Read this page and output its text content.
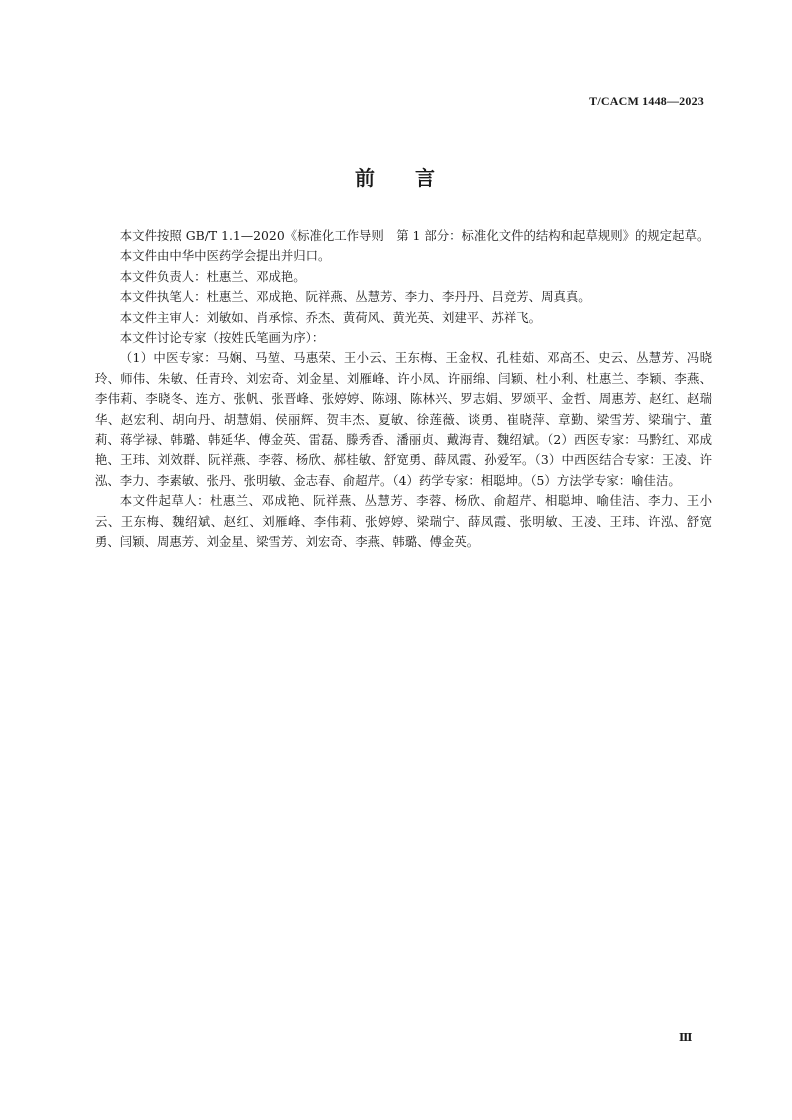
T/CACM 1448—2023
前 言

本文件按照 GB/T 1.1—2020《标准化工作导则　第 1 部分：标准化文件的结构和起草规则》的规定起草。

本文件由中华中医药学会提出并归口。

本文件负责人：杜惠兰、邓成艳。

本文件执笔人：杜惠兰、邓成艳、阮祥燕、丛慧芳、李力、李丹丹、吕竞芳、周真真。

本文件主审人：刘敏如、肖承悰、乔杰、黄荷风、黄光英、刘建平、苏祥飞。

本文件讨论专家（按姓氏笔画为序）：

（1）中医专家：马娴、马堃、马惠荣、王小云、王东梅、王金权、孔桂茹、邓高丕、史云、丛慧芳、冯晓玲、师伟、朱敏、任青玲、刘宏奇、刘金星、刘雁峰、许小凤、许丽绵、闫颖、杜小利、杜惠兰、李颖、李燕、李伟莉、李晓冬、连方、张帆、张晋峰、张婷婷、陈翊、陈林兴、罗志娟、罗颂平、金哲、周惠芳、赵红、赵瑞华、赵宏利、胡向丹、胡慧娟、侯丽辉、贺丰杰、夏敏、徐莲薇、谈勇、崔晓萍、章勤、梁雪芳、梁瑞宁、董莉、蒋学禄、韩璐、韩延华、傅金英、雷磊、滕秀香、潘丽贞、戴海青、魏绍斌。（2）西医专家：马黔红、邓成艳、王玮、刘效群、阮祥燕、李蓉、杨欣、郝桂敏、舒宽勇、薛凤霞、孙爱军。（3）中西医结合专家：王凌、许泓、李力、李素敏、张丹、张明敏、金志春、俞超芹。（4）药学专家：相聪坤。（5）方法学专家：喻佳洁。

本文件起草人：杜惠兰、邓成艳、阮祥燕、丛慧芳、李蓉、杨欣、俞超芹、相聪坤、喻佳洁、李力、王小云、王东梅、魏绍斌、赵红、刘雁峰、李伟莉、张婷婷、梁瑞宁、薛凤霞、张明敏、王凌、王玮、许泓、舒宽勇、闫颖、周惠芳、刘金星、梁雪芳、刘宏奇、李燕、韩璐、傅金英。

Ⅲ
